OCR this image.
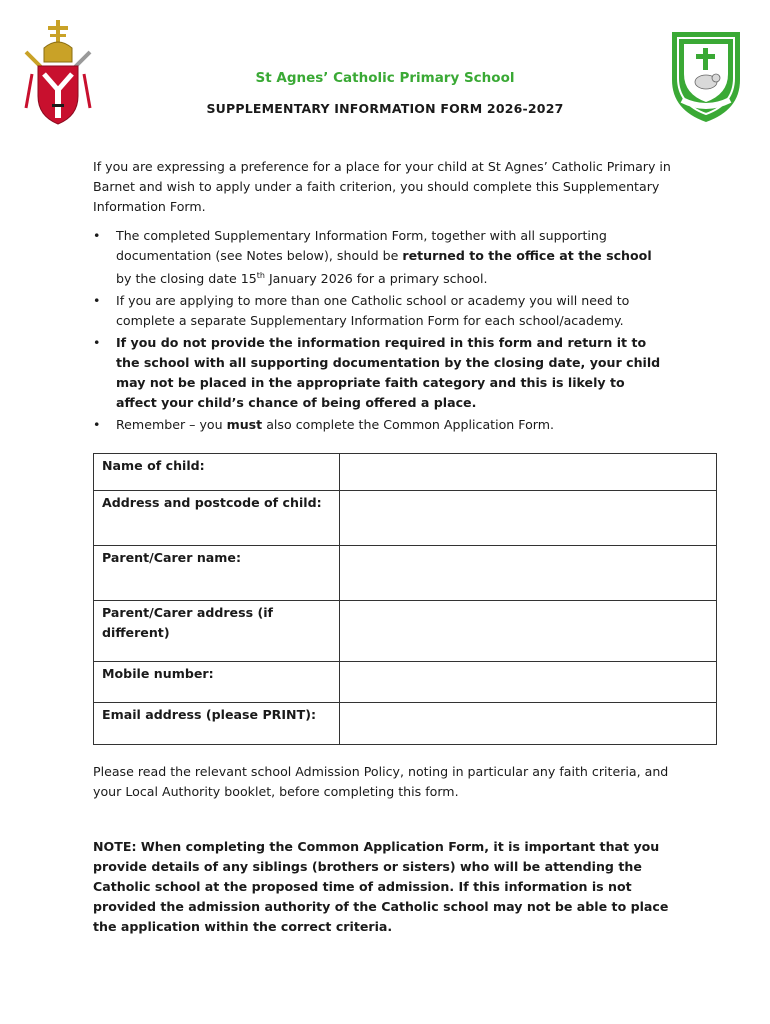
St Agnes’ Catholic Primary School
SUPPLEMENTARY INFORMATION FORM 2026-2027
If you are expressing a preference for a place for your child at St Agnes’ Catholic Primary in Barnet and wish to apply under a faith criterion, you should complete this Supplementary Information Form.
• The completed Supplementary Information Form, together with all supporting documentation (see Notes below), should be returned to the office at the school by the closing date 15th January 2026 for a primary school.
• If you are applying to more than one Catholic school or academy you will need to complete a separate Supplementary Information Form for each school/academy.
• If you do not provide the information required in this form and return it to the school with all supporting documentation by the closing date, your child may not be placed in the appropriate faith category and this is likely to affect your child’s chance of being offered a place.
• Remember – you must also complete the Common Application Form.
Name of child:	
Address and postcode of child:	
Parent/Carer name:	
Parent/Carer address (if different)	
Mobile number:	
Email address (please PRINT):	
Please read the relevant school Admission Policy, noting in particular any faith criteria, and your Local Authority booklet, before completing this form.
NOTE: When completing the Common Application Form, it is important that you provide details of any siblings (brothers or sisters) who will be attending the Catholic school at the proposed time of admission. If this information is not provided the admission authority of the Catholic school may not be able to place the application within the correct criteria.
